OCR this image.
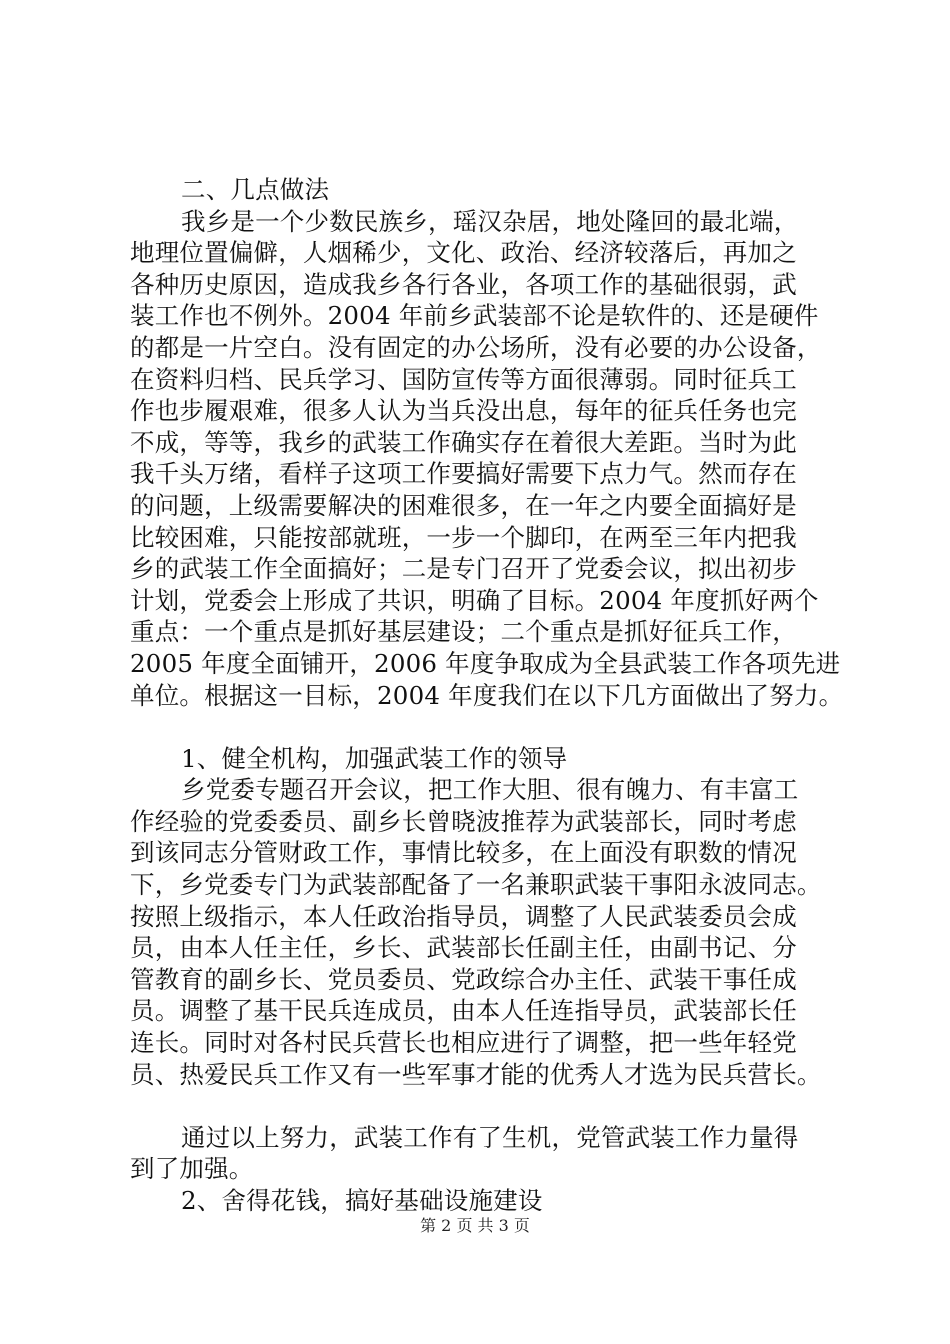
二、几点做法
我乡是一个少数民族乡，瑶汉杂居，地处隆回的最北端，
地理位置偏僻，人烟稀少，文化、政治、经济较落后，再加之
各种历史原因，造成我乡各行各业，各项工作的基础很弱，武
装工作也不例外。2004 年前乡武装部不论是软件的、还是硬件
的都是一片空白。没有固定的办公场所，没有必要的办公设备，
在资料归档、民兵学习、国防宣传等方面很薄弱。同时征兵工
作也步履艰难，很多人认为当兵没出息，每年的征兵任务也完
不成，等等，我乡的武装工作确实存在着很大差距。当时为此
我千头万绪，看样子这项工作要搞好需要下点力气。然而存在
的问题，上级需要解决的困难很多，在一年之内要全面搞好是
比较困难，只能按部就班，一步一个脚印，在两至三年内把我
乡的武装工作全面搞好；二是专门召开了党委会议，拟出初步
计划，党委会上形成了共识，明确了目标。2004 年度抓好两个
重点：一个重点是抓好基层建设；二个重点是抓好征兵工作，
2005 年度全面铺开，2006 年度争取成为全县武装工作各项先进
单位。根据这一目标，2004 年度我们在以下几方面做出了努力。
1、健全机构，加强武装工作的领导
乡党委专题召开会议，把工作大胆、很有魄力、有丰富工
作经验的党委委员、副乡长曾晓波推荐为武装部长，同时考虑
到该同志分管财政工作，事情比较多，在上面没有职数的情况
下，乡党委专门为武装部配备了一名兼职武装干事阳永波同志。
按照上级指示，本人任政治指导员，调整了人民武装委员会成
员，由本人任主任，乡长、武装部长任副主任，由副书记、分
管教育的副乡长、党员委员、党政综合办主任、武装干事任成
员。调整了基干民兵连成员，由本人任连指导员，武装部长任
连长。同时对各村民兵营长也相应进行了调整，把一些年轻党
员、热爱民兵工作又有一些军事才能的优秀人才选为民兵营长。
通过以上努力，武装工作有了生机，党管武装工作力量得
到了加强。
2、舍得花钱，搞好基础设施建设
第 2 页 共 3 页
